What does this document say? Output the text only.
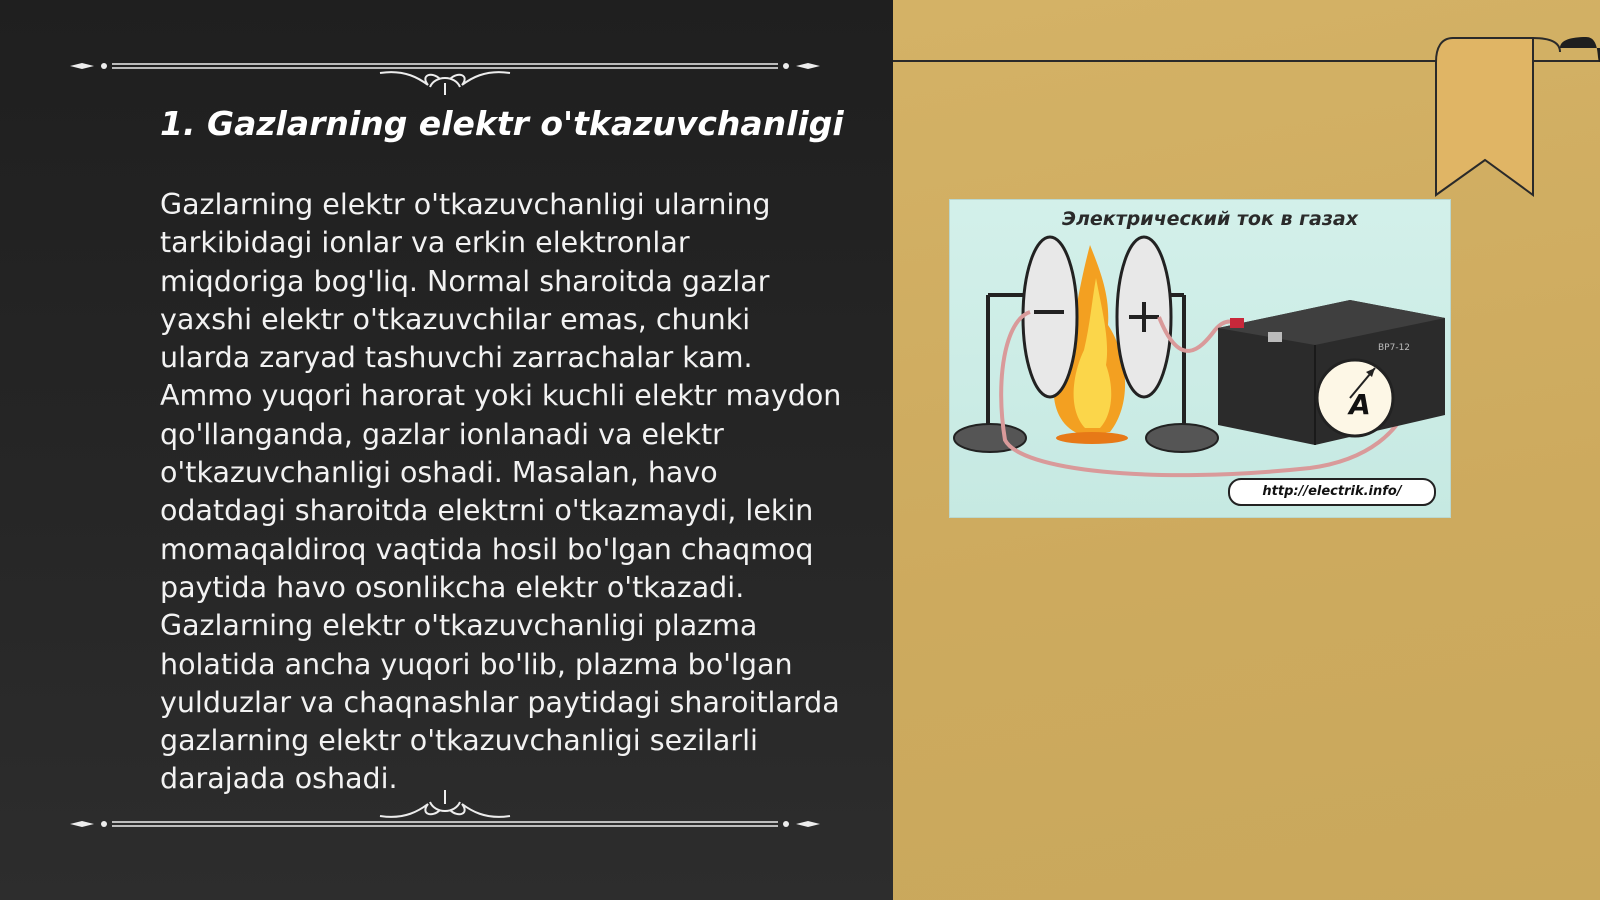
1. Gazlarning elektr o'tkazuvchanligi

Gazlarning elektr o'tkazuvchanligi ularning tarkibidagi ionlar va erkin elektronlar miqdoriga bog'liq. Normal sharoitda gazlar yaxshi elektr o'tkazuvchilar emas, chunki ularda zaryad tashuvchi zarrachalar kam. Ammo yuqori harorat yoki kuchli elektr maydon qo'llanganda, gazlar ionlanadi va elektr o'tkazuvchanligi oshadi. Masalan, havo odatdagi sharoitda elektrni o'tkazmaydi, lekin momaqaldiroq vaqtida hosil bo'lgan chaqmoq paytida havo osonlikcha elektr o'tkazadi. Gazlarning elektr o'tkazuvchanligi plazma holatida ancha yuqori bo'lib, plazma bo'lgan yulduzlar va chaqnashlar paytidagi sharoitlarda gazlarning elektr o'tkazuvchanligi sezilarli darajada oshadi.

BP7-12

Электрический ток в газах

http://electrik.info/
A
